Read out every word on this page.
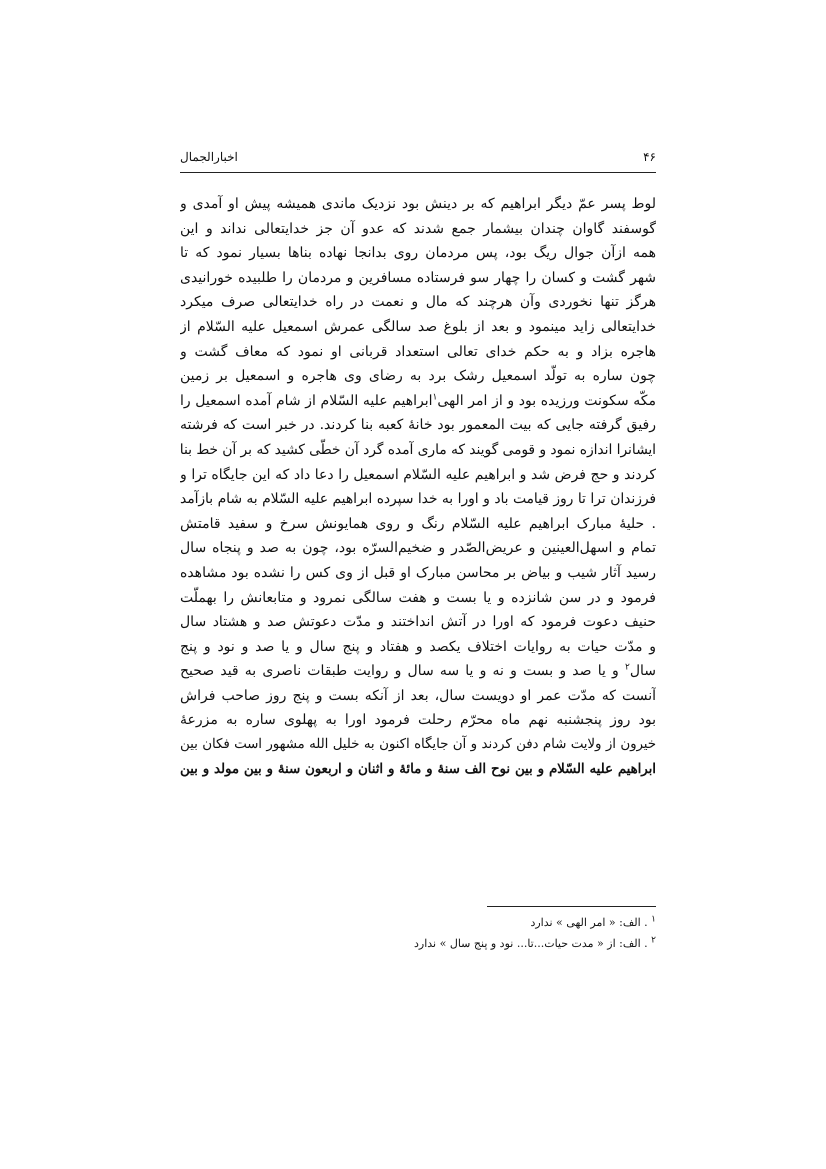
۴۶
اخبارالجمال
لوط پسر عمّ دیگر ابراهیم که بر دینش بود نزدیک ماندی همیشه پیش او آمدی و
گوسفند گاوان چندان بیشمار جمع شدند که عدو آن جز خدایتعالی نداند و این
همه ازآن جوال ریگ بود، پس مردمان روی بدانجا نهاده بناها بسیار نمود که تا
شهر گشت و کسان را چهار سو فرستاده مسافرین و مردمان را طلبیده خورانیدی
هرگز تنها نخوردی وآن هرچند که مال و نعمت در راه خدایتعالی صرف میکرد
خدایتعالی زاید مینمود و بعد از بلوغ صد سالگی عمرش اسمعیل علیه السّلام از
هاجره بزاد و به حکم خدای تعالی استعداد قربانی او نمود که معاف گشت و
چون ساره به تولّد اسمعیل رشک برد به رضای وی هاجره و اسمعیل بر زمین
مکّه سکونت ورزیده بود و از امر الهی$^۱$ابراهیم علیه السّلام از شام آمده اسمعیل را
رفیق گرفته جایی که بیت المعمور بود خانهٔ کعبه بنا کردند. در خبر است که فرشته
ایشانرا اندازه نمود و قومی گویند که ماری آمده گرد آن خطّی کشید که بر آن خط بنا
کردند و حج فرض شد و ابراهیم علیه السّلام اسمعیل را دعا داد که این جایگاه ترا و
فرزندان ترا تا روز قیامت باد و اورا به خدا سپرده ابراهیم علیه السّلام به شام بازآمد
. حلیهٔ مبارک ابراهیم علیه السّلام رنگ و روی همایونش سرخ و سفید قامتش
تمام و اسهل‌العینین و عریض‌الصّدر و ضخیم‌السرّه بود، چون به صد و پنجاه سال
رسید آثار شیب و بیاض بر محاسن مبارک او قبل از وی کس را نشده بود مشاهده
فرمود و در سن شانزده و یا بست و هفت سالگی نمرود و متابعانش را بهملّت
حنیف دعوت فرمود که اورا در آتش انداختند و مدّت دعوتش صد و هشتاد سال
و مدّت حیات به روایات اختلاف یکصد و هفتاد و پنج سال و یا صد و نود و پنج
سال$^۲$ و یا صد و بست و نه و یا سه سال و روایت طبقات ناصری به قید صحیح
آنست که مدّت عمر او دویست سال، بعد از آنکه بست و پنج روز صاحب فراش
بود روز پنجشنبه نهم ماه محرّم رحلت فرمود اورا به پهلوی ساره به مزرعهٔ
خیرون از ولایت شام دفن کردند و آن جایگاه اکنون به خلیل الله مشهور است فکان بین
ابراهیم علیه السّلام و بین نوح الف سنهٔ و مائهٔ و اثنان و اربعون سنهٔ و بین مولد و بین
$^۱$ . الف: « امر الهی » ندارد
$^۲$ . الف: از « مدت حیات...تا... نود و پنج سال » ندارد
